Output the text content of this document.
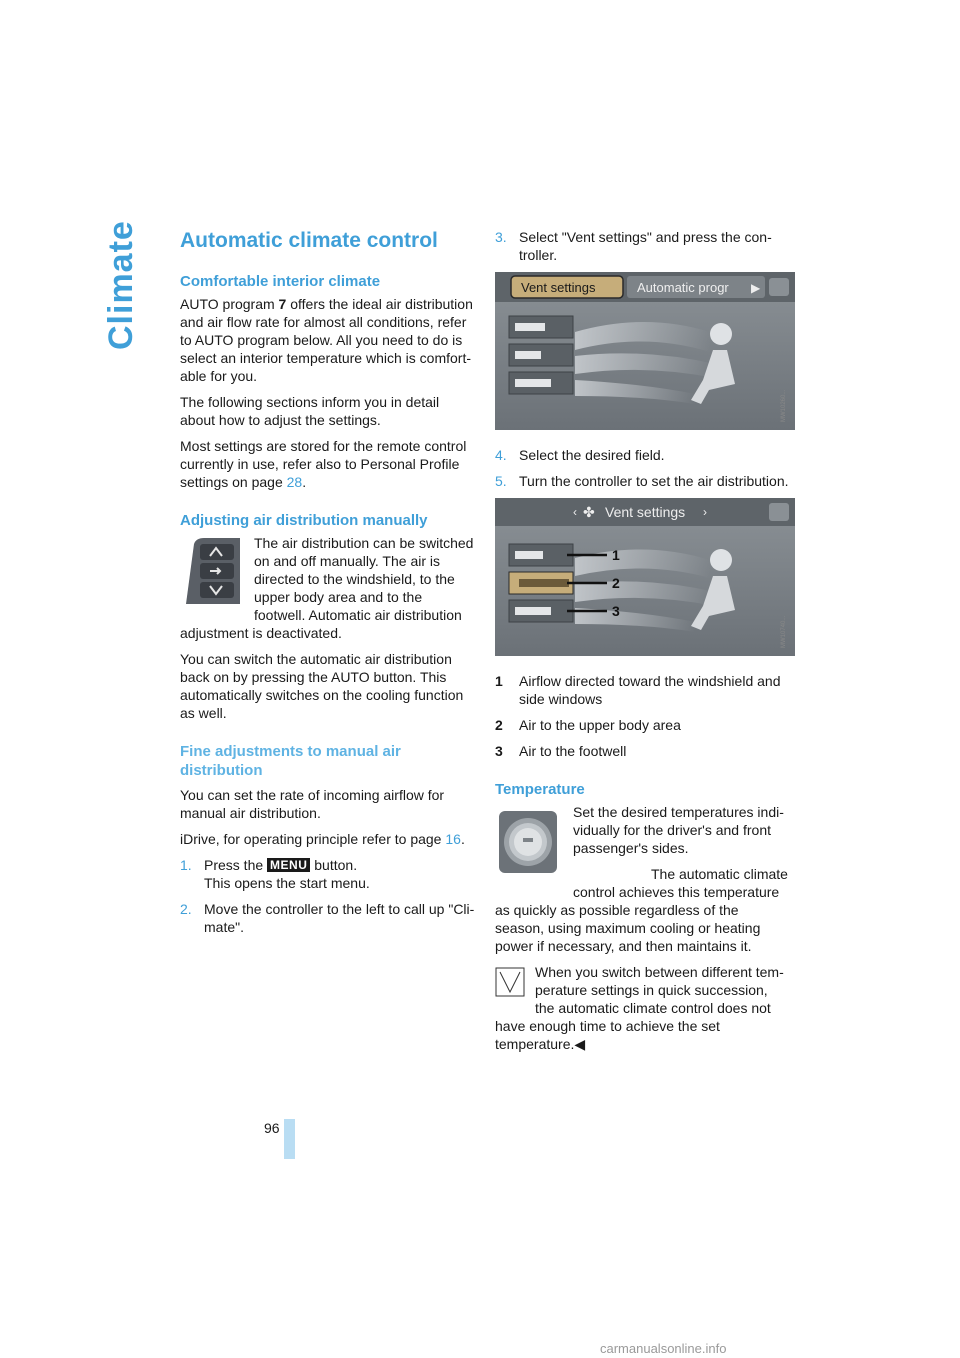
Climate Automatic climate control
Comfortable interior climate

AUTO program 7 offers the ideal air distribution and air flow rate for almost all conditions, refer to AUTO program below. All you need to do is select an interior temperature which is comfortable for you.

The following sections inform you in detail about how to adjust the settings.

Most settings are stored for the remote control currently in use, refer also to Personal Profile settings on page 28.

Adjusting air distribution manually

The air distribution can be switched on and off manually. The air is directed to the windshield, to the upper body area and to the footwell. Automatic air distribution adjustment is deactivated.

You can switch the automatic air distribution back on by pressing the AUTO button. This automatically switches on the cooling function as well.

Fine adjustments to manual air distribution

You can set the rate of incoming airflow for manual air distribution.

iDrive, for operating principle refer to page 16.

1. Press the MENU button.
This opens the start menu.
2. Move the controller to the left to call up "Climate".
3. Select "Vent settings" and press the controller.
Vent settings	Automatic progr ▶
MW10260...
4. Select the desired field.
5. Turn the controller to set the air distribution.
‹ ✤ Vent settings ›
1
2
3
MW10740...
1	Airflow directed toward the windshield and side windows
2	Air to the upper body area
3	Air to the footwell
Temperature

Set the desired temperatures individually for the driver's and front passenger's sides.

The automatic climate control achieves this temperature as quickly as possible regardless of the season, using maximum cooling or heating power if necessary, and then maintains it.

When you switch between different temperature settings in quick succession, the automatic climate control does not have enough time to achieve the set temperature.◀

96
carmanualsonline.info
